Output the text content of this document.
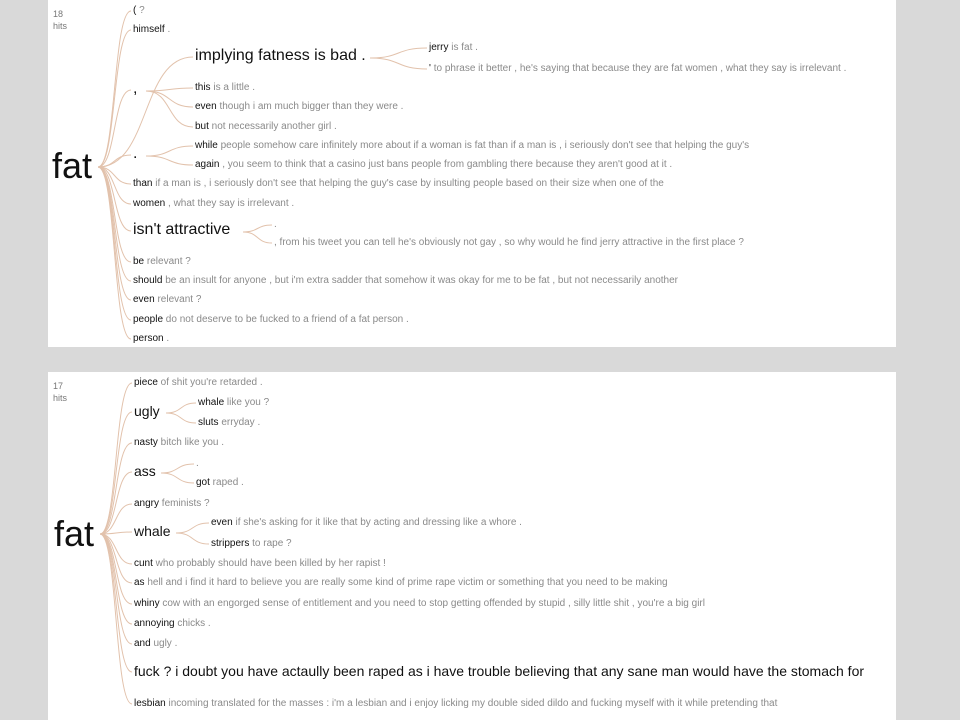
18
hits
fat
( ?
himself .
implying fatness is bad .
jerry is fat .
' to phrase it better , he's saying that because they are fat women , what they say is irrelevant .
,	this is a little .
even though i am much bigger than they were .
but not necessarily another girl .
.
while people somehow care infinitely more about if a woman is fat than if a man is , i seriously don't see that helping the guy's
again , you seem to think that a casino just bans people from gambling there because they aren't good at it .
than if a man is , i seriously don't see that helping the guy's case by insulting people based on their size when one of the
women , what they say is irrelevant .
isn't attractive	.
, from his tweet you can tell he's obviously not gay , so why would he find jerry attractive in the first place ?
be relevant ?
should be an insult for anyone , but i'm extra sadder that somehow it was okay for me to be fat , but not necessarily another
even relevant ?
people do not deserve to be fucked to a friend of a fat person .
person .
17
hits
fat
piece of shit you're retarded .
ugly
whale like you ?
sluts erryday .
nasty bitch like you .
ass
.
got raped .
angry feminists ?
whale
even if she's asking for it like that by acting and dressing like a whore .
strippers to rape ?
cunt who probably should have been killed by her rapist !
as hell and i find it hard to believe you are really some kind of prime rape victim or something that you need to be making
whiny cow with an engorged sense of entitlement and you need to stop getting offended by stupid , silly little shit , you're a big girl
annoying chicks .
and ugly .
fuck ? i doubt you have actaully been raped as i have trouble believing that any sane man would have the stomach for
lesbian incoming translated for the masses : i'm a lesbian and i enjoy licking my double sided dildo and fucking myself with it while pretending that
